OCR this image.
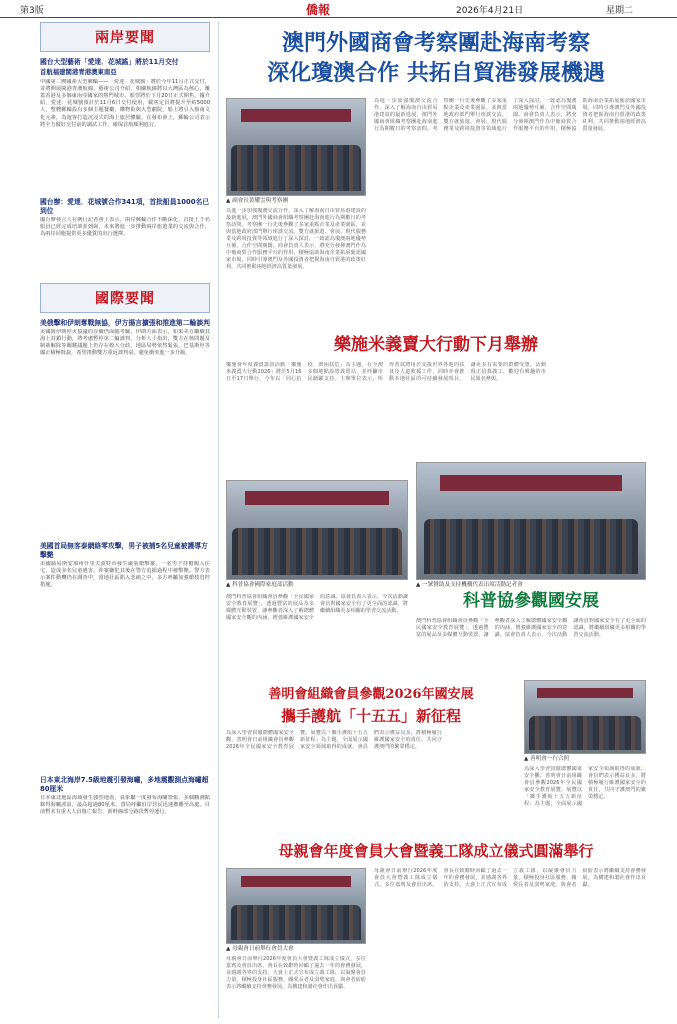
第3版	僑報	2026年4月21日	星期二
兩岸要聞
國台大型藝術「愛達．花城謠」將於11月交付
首航福建閩港青港澳東南亞
中國第二艘國產大型郵輪——「愛達．花城號」將於今年11月正式交付，並將開展閩港青澳航線，藝術公司介紹，相關航線將以大灣區為核心，覆蓋香港及多個東南亞國家的熱門城市，船票將於下月20日正式開售。據介紹，愛達．花城號預計於11月6日交付使用，載客定員將提升至約5000人，整艘郵輪設有多個主題餐廳、購物街與大型劇院，船上將引入嶺南文化元素，為遊客打造沉浸式的海上旅居體驗。在發布會上，郵輪公司表示將全力做好交付前的調試工作，確保首航順利進行。
國台辦：愛達．花城號合作341項，首批船員1000名已到位
國台辦發言人在例行記者會上表示，兩岸郵輪合作不斷深化，首批上千名船員已經完成培訓並到崗，未來將進一步推動兩岸旅遊業的交流與合作，為兩岸同胞提供更多優質的出行選擇。
國際要聞
美俄擊和伊朗奪戰無協，伊方揚言擴張和推進第二輪談判
美國與伊朗停火協議的存續仍面臨考驗，伊朗方面表示，如果美方繼續其海上封鎖行動，將考慮暫停第二輪談判。分析人士指出，雙方在核問題及制裁解除等關鍵議題上仍存在較大分歧，地區局勢依然緊張。巴基斯坦等國正積極斡旋，希望推動雙方重返談判桌，避免衝突進一步升級。
美國首局無客泰網絡零攻擊，男子被捕5名兒童被護導方擊斃
美國路易斯安那州什里夫波特市發生嚴重槍擊案，一名男子持槍闖入住宅，造成多名兒童遇害，涉案嫌犯其後在警方追捕過程中被擊斃。警方表示案件動機仍在調查中，當地社區陷入悲痛之中，多方呼籲加強槍枝管控措施。
日本東北海岸7.5級地震引發海嘯，多地震觀測点海嘯超80厘米
日本東北地區海域發生強烈地震，氣象廳一度發布海嘯警報，多個觀測點錄得海嘯波浪，最高超過80厘米。當局呼籲沿岸居民迅速撤離至高處，目前暫未有重大人員傷亡報告，新幹線部分路段暫停運行。
澳門外國商會考察團赴海南考察
深化瓊澳合作 共拓自貿港發展機遇
▲ 副會長黃耀雲與考察團
為進一步加強瓊澳交流合作，深入了解海南自由貿易港建設的最新進展，澳門外國商會組織考察團赴海南進行為期數日的考察訪問。考察團一行先後參觀了多家重點企業及產業園區，並與當地政府部門舉行座談交流。雙方就旅遊、會展、現代服務業及跨境投資等領域進行了深入探討，一致認為瓊澳兩地優勢互補，合作空間廣闊。商會負責人表示，將充分發揮澳門作為中葡商貿合作服務平台的作用，積極協助海南企業拓展葡語國家市場，同時引導澳門及外國投資者把握海南自貿港的政策紅利，共同推動兩地經濟高質量發展。
為進一步加強瓊澳交流合作，深入了解海南自由貿易港建設的最新進展，澳門外國商會組織考察團赴海南進行為期數日的考察訪問。考察團一行先後參觀了多家重點企業及產業園區，並與當地政府部門舉行座談交流。雙方就旅遊、會展、現代服務業及跨境投資等領域進行了深入探討，一致認為瓊澳兩地優勢互補，合作空間廣闊。商會負責人表示，將充分發揮澳門作為中葡商貿合作服務平台的作用，積極協助海南企業拓展葡語國家市場，同時引導澳門及外國投資者把握海南自貿港的政策紅利，共同推動兩地經濟高質量發展。
樂施米義賣大行動下月舉辦
樂施會年度義賣籌款活動「樂施米義賣大行動2026」將於5月16日至17日舉行，今年以「同心抗疫．濟困扶危」為主題，在全澳多個地點設置義賣站，並呼籲市民踴躍支持。主辦單位表示，所得善款將用於支援世界各地的扶貧及人道救援工作，同時亦會推動本地社區的可持續發展項目，讓更多有需要的群體受惠。活動現正招募義工，歡迎有興趣的市民報名參與。
▲ 一眾贊助及支持機構代表出席活動記者會
▲ 科普協會國際家庭部活動
科普協參觀國安展
澳門科普協會組織會員參觀「全民國家安全教育展覽」，透過豐富的展品及多媒體互動裝置，讓參觀者深入了解總體國家安全觀的內涵，增強維護國家安全的意識。協會負責人表示，今次活動讓會員對國家安全有了更全面的認識，將繼續組織更多相關的學習交流活動。
澳門科普協會組織會員參觀「全民國家安全教育展覽」，透過豐富的展品及多媒體互動裝置，讓參觀者深入了解總體國家安全觀的內涵，增強維護國家安全的意識。協會負責人表示，今次活動讓會員對國家安全有了更全面的認識，將繼續組織更多相關的學習交流活動。
善明會組織會員參觀2026年國安展
攜手護航「十五五」新征程
▲ 善明會一行合照
為深入學習貫徹總體國家安全觀，善明會日前組織會員參觀2026年全民國家安全教育展覽。展覽以「攜手護航十五五新征程」為主題，全面展示國家安全領域取得的成就。會員們表示獲益良多，將積極履行維護國家安全的責任，共同守護澳門的繁榮穩定。
為深入學習貫徹總體國家安全觀，善明會日前組織會員參觀2026年全民國家安全教育展覽。展覽以「攜手護航十五五新征程」為主題，全面展示國家安全領域取得的成就。會員們表示獲益良多，將積極履行維護國家安全的責任，共同守護澳門的繁榮穩定。
母親會年度會員大會暨義工隊成立儀式圓滿舉行
▲ 母親會日前舉行會員大會
母親會日前舉行2026年度會員大會暨義工隊成立儀式，多位嘉賓及會員出席。會長在致辭時回顧了過去一年的會務發展，並感謝各界的支持。大會上正式宣布成立義工隊，以凝聚會員力量，積極投身社區服務，關愛長者及弱勢家庭。與會者紛紛表示將繼續支持會務發展，為構建和諧社會作出貢獻。
母親會日前舉行2026年度會員大會暨義工隊成立儀式，多位嘉賓及會員出席。會長在致辭時回顧了過去一年的會務發展，並感謝各界的支持。大會上正式宣布成立義工隊，以凝聚會員力量，積極投身社區服務，關愛長者及弱勢家庭。與會者紛紛表示將繼續支持會務發展，為構建和諧社會作出貢獻。
